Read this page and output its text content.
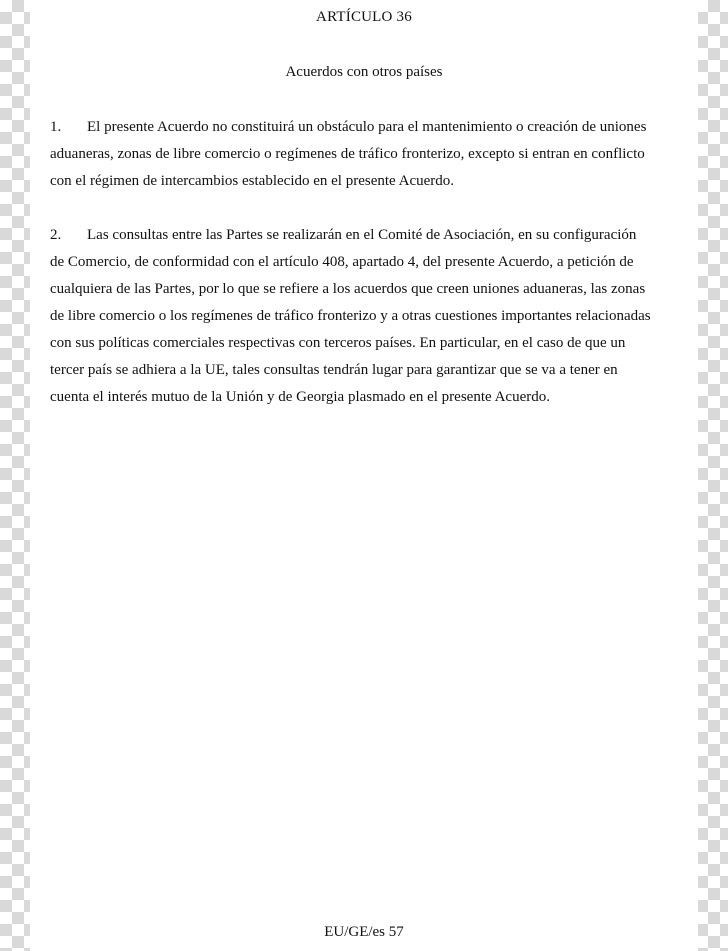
ARTÍCULO 36
Acuerdos con otros países
1. El presente Acuerdo no constituirá un obstáculo para el mantenimiento o creación de uniones
aduaneras, zonas de libre comercio o regímenes de tráfico fronterizo, excepto si entran en conflicto
con el régimen de intercambios establecido en el presente Acuerdo.
2. Las consultas entre las Partes se realizarán en el Comité de Asociación, en su configuración
de Comercio, de conformidad con el artículo 408, apartado 4, del presente Acuerdo, a petición de
cualquiera de las Partes, por lo que se refiere a los acuerdos que creen uniones aduaneras, las zonas
de libre comercio o los regímenes de tráfico fronterizo y a otras cuestiones importantes relacionadas
con sus políticas comerciales respectivas con terceros países. En particular, en el caso de que un
tercer país se adhiera a la UE, tales consultas tendrán lugar para garantizar que se va a tener en
cuenta el interés mutuo de la Unión y de Georgia plasmado en el presente Acuerdo.
EU/GE/es 57
